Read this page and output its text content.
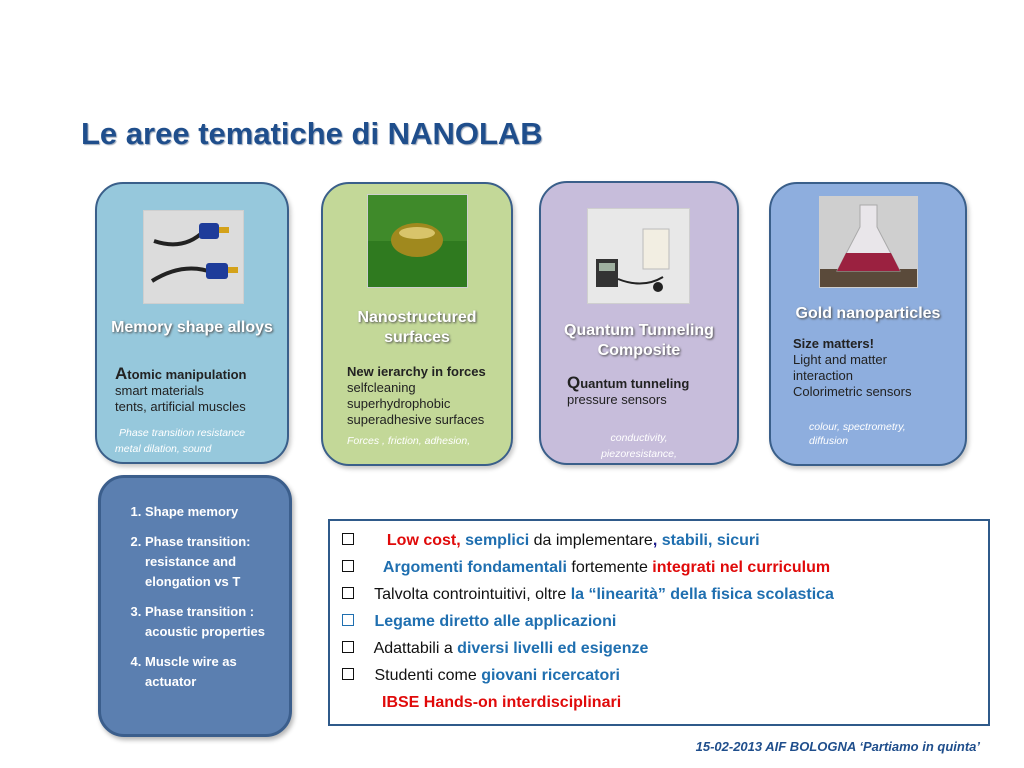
Le aree tematiche di NANOLAB
Memory shape alloys
Atomic manipulation
smart materials
tents, artificial muscles
Phase transition resistance
metal dilation, sound
Nanostructured surfaces
New ierarchy in forces
selfcleaning
superhydrophobic
superadhesive surfaces
Forces , friction, adhesion,
Quantum Tunneling Composite
Quantum tunneling
pressure sensors
conductivity,
piezoresistance,
Gold nanoparticles
Size matters!
Light and matter
interaction
Colorimetric sensors
colour, spectrometry,
diffusion
1. Shape memory
2. Phase transition: resistance and elongation vs T
3. Phase transition : acoustic properties
4. Muscle wire as actuator
Low cost, semplici da implementare, stabili, sicuri
Argomenti fondamentali fortemente integrati nel curriculum
Talvolta controintuitivi, oltre la “linearità” della fisica scolastica
Legame diretto alle applicazioni
Adattabili a diversi livelli ed esigenze
Studenti come giovani ricercatori
IBSE Hands-on interdisciplinari
15-02-2013 AIF BOLOGNA ‘Partiamo in quinta’
